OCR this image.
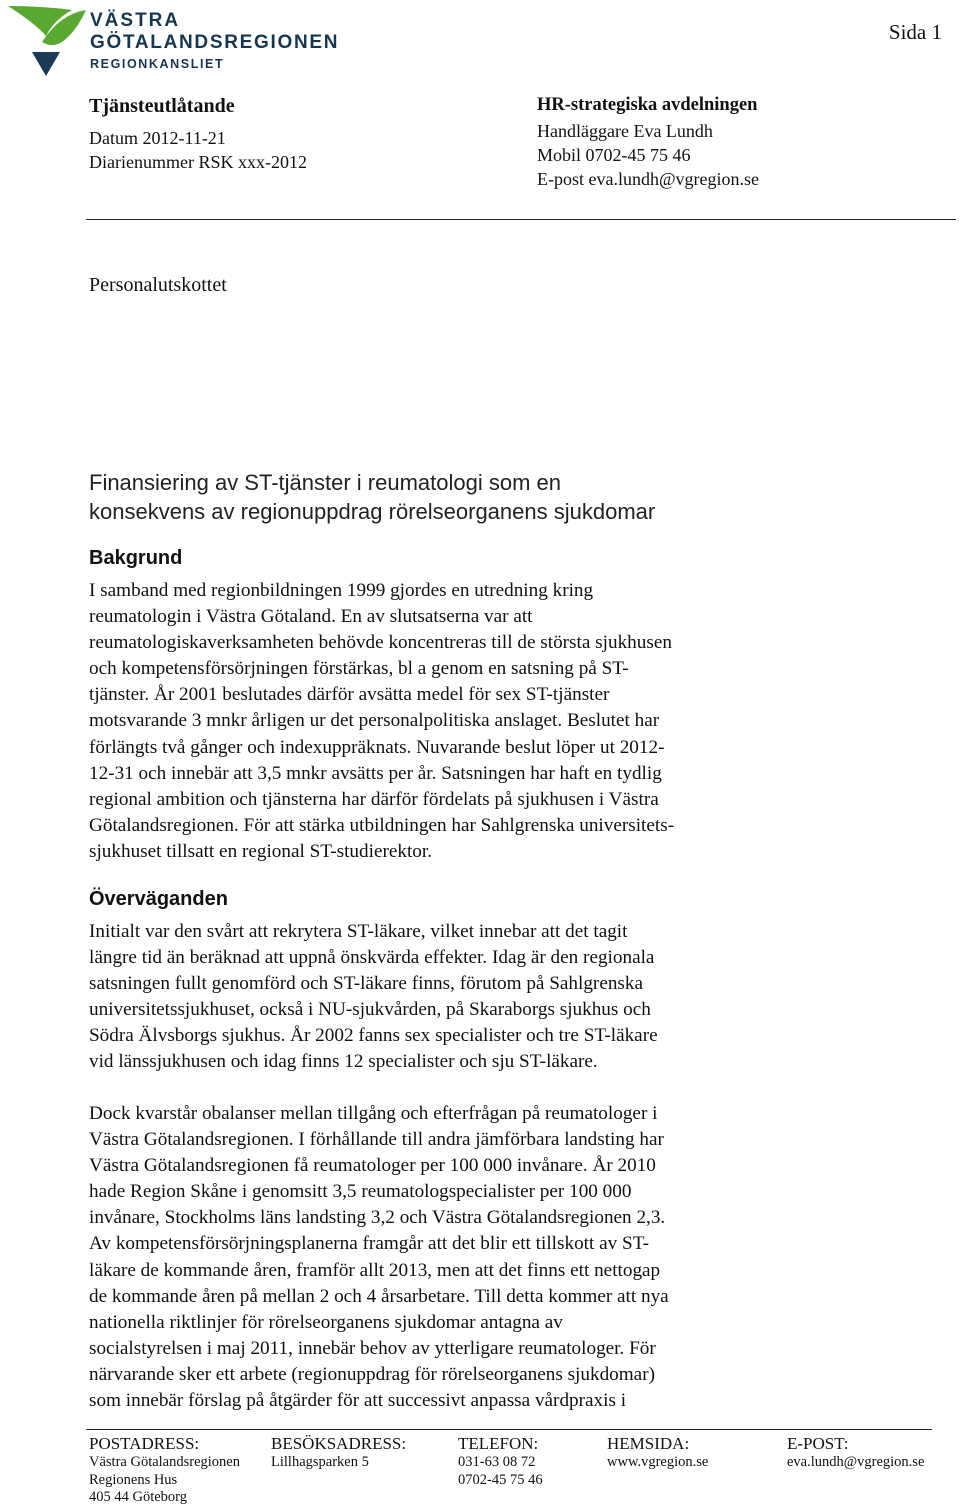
VÄSTRA
GÖTALANDSREGIONEN
REGIONKANSLIET
Sida 1
Tjänsteutlåtande
Datum 2012-11-21
Diarienummer RSK xxx-2012
HR-strategiska avdelningen
Handläggare Eva Lundh
Mobil 0702-45 75 46
E-post eva.lundh@vgregion.se
Personalutskottet
Finansiering av ST-tjänster i reumatologi som en
konsekvens av regionuppdrag rörelseorganens sjukdomar
Bakgrund
I samband med regionbildningen 1999 gjordes en utredning kring
reumatologin i Västra Götaland. En av slutsatserna var att
reumatologiskaverksamheten behövde koncentreras till de största sjukhusen
och kompetensförsörjningen förstärkas, bl a genom en satsning på ST-
tjänster. År 2001 beslutades därför avsätta medel för sex ST-tjänster
motsvarande 3 mnkr årligen ur det personalpolitiska anslaget. Beslutet har
förlängts två gånger och indexuppräknats. Nuvarande beslut löper ut 2012-
12-31 och innebär att 3,5 mnkr avsätts per år. Satsningen har haft en tydlig
regional ambition och tjänsterna har därför fördelats på sjukhusen i Västra
Götalandsregionen. För att stärka utbildningen har Sahlgrenska universitets-
sjukhuset tillsatt en regional ST-studierektor.
Överväganden
Initialt var den svårt att rekrytera ST-läkare, vilket innebar att det tagit
längre tid än beräknad att uppnå önskvärda effekter. Idag är den regionala
satsningen fullt genomförd och ST-läkare finns, förutom på Sahlgrenska
universitetssjukhuset, också i NU-sjukvården, på Skaraborgs sjukhus och
Södra Älvsborgs sjukhus. År 2002 fanns sex specialister och tre ST-läkare
vid länssjukhusen och idag finns 12 specialister och sju ST-läkare.
Dock kvarstår obalanser mellan tillgång och efterfrågan på reumatologer i
Västra Götalandsregionen. I förhållande till andra jämförbara landsting har
Västra Götalandsregionen få reumatologer per 100 000 invånare. År 2010
hade Region Skåne i genomsitt 3,5 reumatologspecialister per 100 000
invånare, Stockholms läns landsting 3,2 och Västra Götalandsregionen 2,3.
Av kompetensförsörjningsplanerna framgår att det blir ett tillskott av ST-
läkare de kommande åren, framför allt 2013, men att det finns ett nettogap
de kommande åren på mellan 2 och 4 årsarbetare. Till detta kommer att nya
nationella riktlinjer för rörelseorganens sjukdomar antagna av
socialstyrelsen i maj 2011, innebär behov av ytterligare reumatologer. För
närvarande sker ett arbete (regionuppdrag för rörelseorganens sjukdomar)
som innebär förslag på åtgärder för att successivt anpassa vårdpraxis i
POSTADRESS:
Västra Götalandsregionen
Regionens Hus
405 44 Göteborg
BESÖKSADRESS:
Lillhagsparken 5
TELEFON:
031-63 08 72
0702-45 75 46
HEMSIDA:
www.vgregion.se
E-POST:
eva.lundh@vgregion.se
